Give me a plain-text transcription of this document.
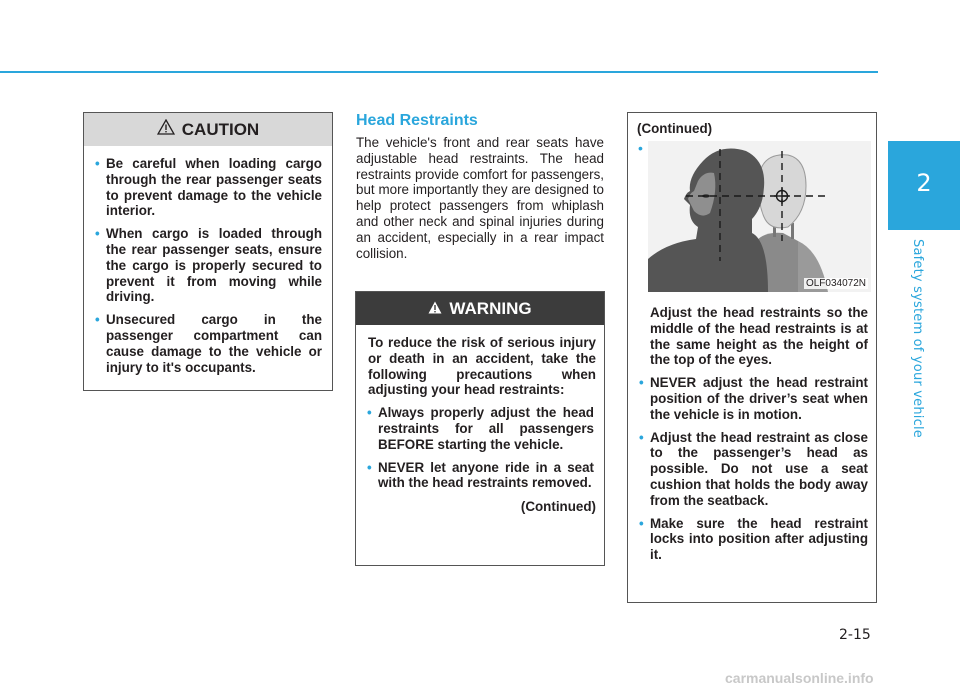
2
Safety system of your vehicle
CAUTION
• Be careful when loading cargo through the rear passenger seats to prevent damage to the vehicle interior.
• When cargo is loaded through the rear passenger seats, ensure the cargo is properly secured to prevent it from moving while driving.
• Unsecured cargo in the passenger compartment can cause damage to the vehicle or injury to it's occupants.
Head Restraints
The vehicle's front and rear seats have adjustable head restraints. The head restraints provide comfort for passengers, but more importantly they are designed to help protect passengers from whiplash and other neck and spinal injuries during an accident, especially in a rear impact collision.
WARNING
To reduce the risk of serious injury or death in an accident, take the following precautions when adjusting your head restraints:
• Always properly adjust the head restraints for all passengers BEFORE starting the vehicle.
• NEVER let anyone ride in a seat with the head restraints removed.
(Continued)
(Continued)
•
OLF034072N
Adjust the head restraints so the middle of the head restraints is at the same height as the height of the top of the eyes.
• NEVER adjust the head restraint position of the driver’s seat when the vehicle is in motion.
• Adjust the head restraint as close to the passenger’s head as possible. Do not use a seat cushion that holds the body away from the seatback.
• Make sure the head restraint locks into position after adjusting it.
2-15
carmanualsonline.info
